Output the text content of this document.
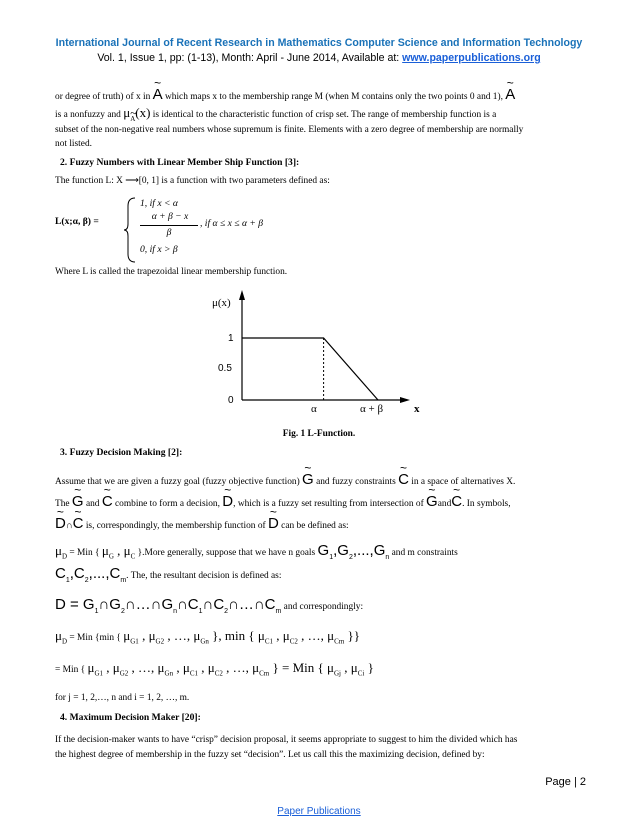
International Journal of Recent Research in Mathematics Computer Science and Information Technology
Vol. 1, Issue 1, pp: (1-13), Month: April - June 2014, Available at: www.paperpublications.org
or degree of truth) of x in ~ A which maps x to the membership range M (when M contains only the two points 0 and 1), ~ A
is a nonfuzzy and μ~ $_A$(x) is identical to the characteristic function of crisp set. The range of membership function is a
subset of the non-negative real numbers whose supremum is finite. Elements with a zero degree of membership are normally
not listed.
2. Fuzzy Numbers with Linear Member Ship Function [3]:
The function L: X ⟶[0, 1] is a function with two parameters defined as:
L(x;α, β) =
1, if x < α
α + β − x
β
, if α ≤ x ≤ α + β
0, if x > β
Where L is called the trapezoidal linear membership function.
μ(x)
x
1
0.5
0
α	α + β
Fig. 1 L-Function.
3. Fuzzy Decision Making [2]:
Assume that we are given a fuzzy goal (fuzzy objective function) ~ G and fuzzy constraints ~ C in a space of alternatives X.
The ~ G and ~ C combine to form a decision, ~ D, which is a fuzzy set resulting from intersection of ~ Gand~ C. In symbols,
~ D∩~ C is, correspondingly, the membership function of ~ D can be defined as:
$\mu_D$ = Min { $\mu_G$ , $\mu_C$ }.More generally, suppose that we have n goals $G_1,G_2,...,G_n$ and m constraints
$C_1,C_2,...,C_m$. The, the resultant decision is defined as:
$D = G_1\cap G_2\cap\dots\cap G_n\cap C_1\cap C_2\cap\dots\cap C_m$ and correspondingly:
$\mu_D$ = Min {min { $\mu_{G1}$ , $\mu_{G2}$ , …, $\mu_{Gn}$ }, min { $\mu_{C1}$ , $\mu_{C2}$ , …, $\mu_{Cm}$ }}
= Min { $\mu_{G1}$ , $\mu_{G2}$ , …, $\mu_{Gn}$ , $\mu_{C1}$ , $\mu_{C2}$ , …, $\mu_{Cm}$ } = Min { $\mu_{Gj}$ , $\mu_{Ci}$ }
for j = 1, 2,…, n and i = 1, 2, …, m.
4. Maximum Decision Maker [20]:
If the decision-maker wants to have “crisp” decision proposal, it seems appropriate to suggest to him the divided which has
the highest degree of membership in the fuzzy set “decision”. Let us call this the maximizing decision, defined by:
Page | 2
Paper Publications
